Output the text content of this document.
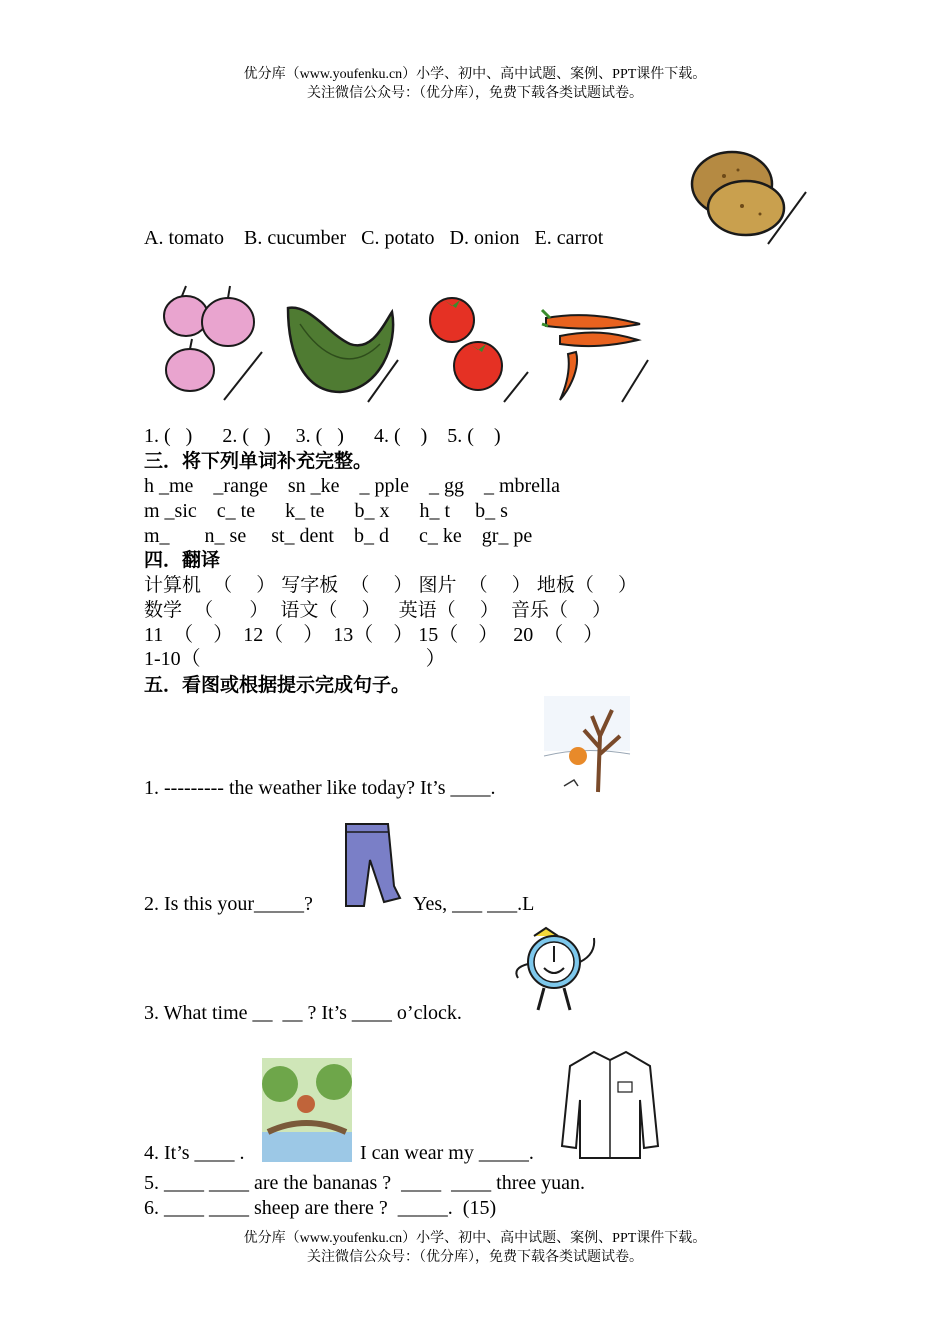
优分库（www.youfenku.cn）小学、初中、高中试题、案例、PPT课件下载。
关注微信公众号：（优分库），免费下载各类试题试卷。
A. tomato    B. cucumber   C. potato   D. onion   E. carrot
1. (   )      2. (   )     3. (   )      4. (    )    5. (    )
三．将下列单词补充完整。
h _me    _range    sn _ke    _ pple    _ gg    _ mbrella
m _sic    c_ te      k_ te      b_ x      h_ t     b_ s
m_       n_ se     st_ dent    b_ d      c_ ke    gr_ pe
四．翻译
计算机  （    ） 写字板  （    ） 图片  （    ） 地板（    ）
数学  （      ）  语文（    ）   英语（    ）  音乐（    ）
11  （    ）  12（    ）  13（    ） 15（    ）   20  （    ）
1-10（                                             ）
五．看图或根据提示完成句子。
1. --------- the weather like today? It’s ____.
2. Is this your_____?	Yes, ___ ___.L
3. What time __  __ ? It’s ____ o’clock.
4. It’s ____ .	I can wear my _____.
5. ____ ____ are the bananas ?  ____  ____ three yuan.
6. ____ ____ sheep are there ?  _____.  (15)
优分库（www.youfenku.cn）小学、初中、高中试题、案例、PPT课件下载。
关注微信公众号：（优分库），免费下载各类试题试卷。
